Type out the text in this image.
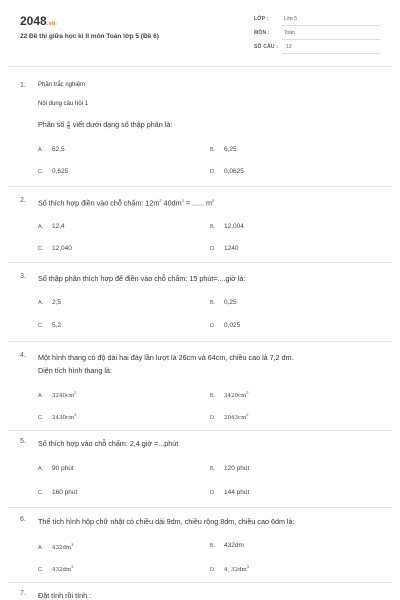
2048.vn
22 Đề thi giữa học kì II môn Toán lớp 5 (Đề 6)
LỚP :	Lớp 5
MÔN :	Toán
SỐ CÂU : 13
1. Phần trắc nghiệm
Nội dung câu hỏi 1
Phân số $\frac{5}{8}$ viết dưới dạng số thập phân là:
A. 62,5	B. 6,25
C. 0,625	D. 0,0625
2. Số thích hợp điền vào chỗ chấm: $12m^2$ $40dm^2$ = ...... $m^2$
A. 12,4	B. 12,004
C. 12,040	D. 1240
3. Số thập phân thích hợp để điền vào chỗ chấm: 15 phút=....giờ là:
A. 2,5	B. 0,25
C. 5,2	D. 0,025
4. Một hình thang có độ dài hai đáy lần lượt là 26cm và 64cm, chiều cao là 7,2 dm.
Diện tích hình thang là:
A. $3240cm^2$
B. $3420cm^2$
C. $2430cm^2$
D. $2043cm^2$
5. Số thích hợp vào chỗ chấm: 2,4 giờ =...phút
A. 90 phút	B. 120 phút
C. 160 phút	D. 144 phút
6. Thể tích hình hộp chữ nhật có chiều dài 9dm, chiều rộng 8dm, chiều cao 6dm là:
A. $432dm^3$	B. 432dm
C. $432dm^2$
D. 4, $32dm^3$
7. Đặt tính rồi tính :
